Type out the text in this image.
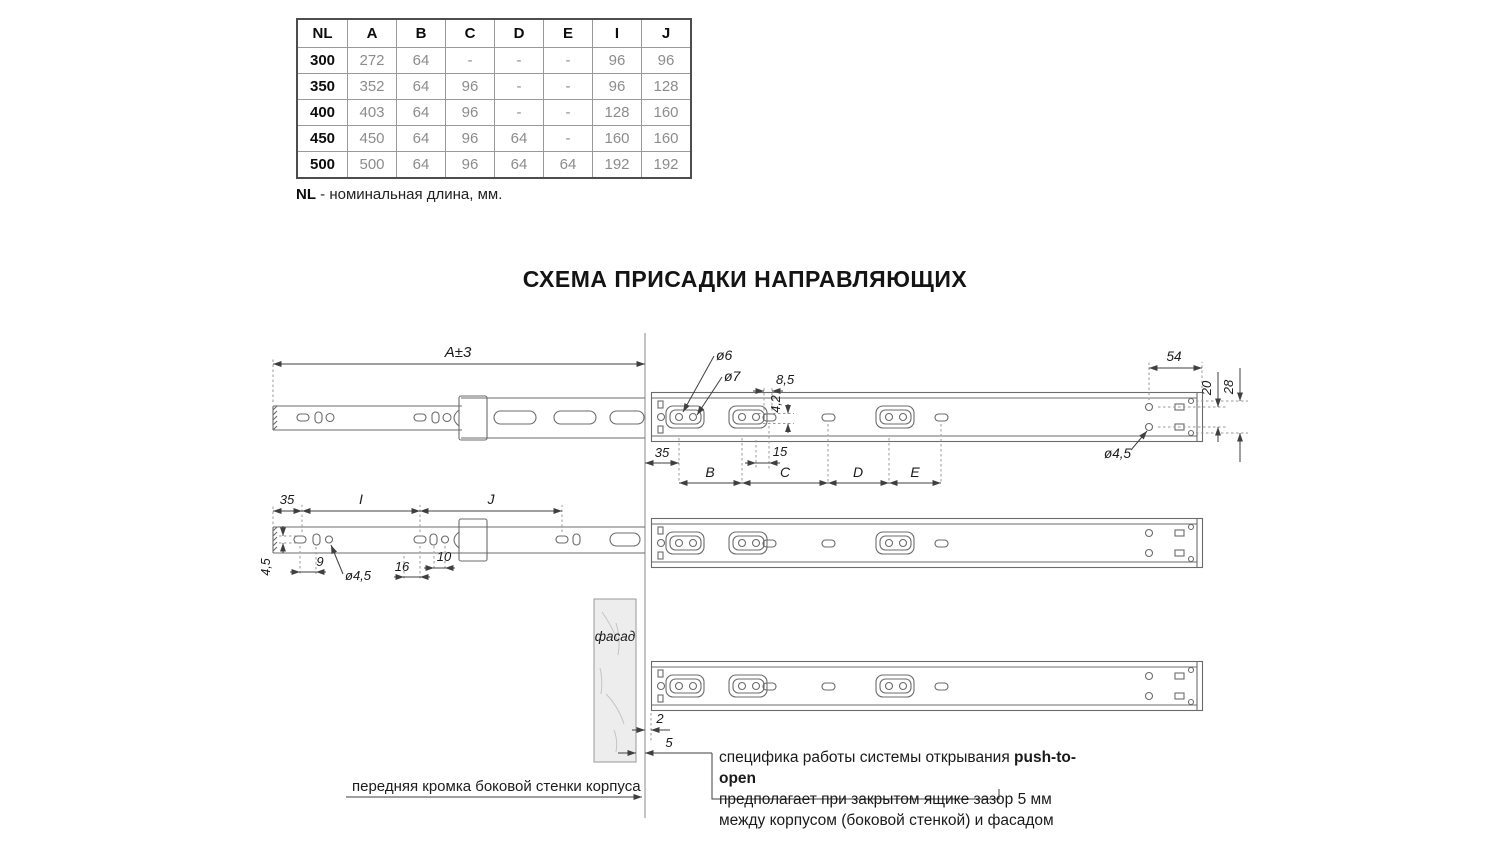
NL	A	B	C	D	E	I	J
300	272	64	-	-	-	96	96
350	352	64	96	-	-	96	128
400	403	64	96	-	-	128	160
450	450	64	96	64	-	160	160
500	500	64	96	64	64	192	192
NL - номинальная длина, мм.
СХЕМА ПРИСАДКИ НАПРАВЛЯЮЩИХ
фасад
A±3	ø6
ø7	8,5
4,2
35	15
B	C	D	E
54
20 28
ø4,5
35	I	J
4,5	9
ø4,5
16
10
2
5
передняя кромка боковой стенки корпуса
специфика работы системы открывания push-to-open
предполагает при закрытом ящике зазор 5 мм
между корпусом (боковой стенкой) и фасадом
